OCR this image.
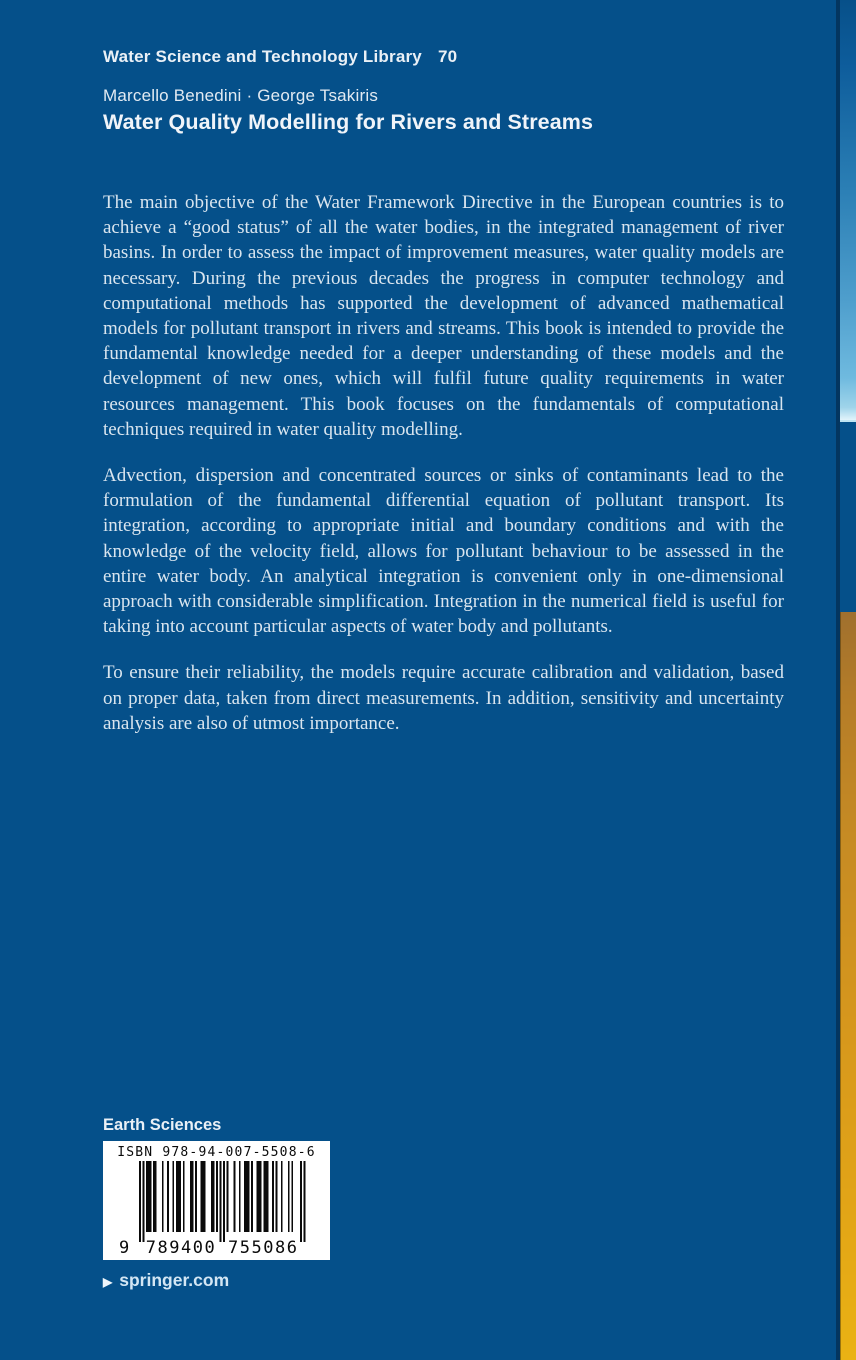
Water Science and Technology Library 70
Marcello Benedini · George Tsakiris
Water Quality Modelling for Rivers and Streams

The main objective of the Water Framework Directive in the European countries is to achieve a “good status” of all the water bodies, in the integrated management of river basins. In order to assess the impact of improvement measures, water quality models are necessary. During the previous decades the progress in computer technology and computational methods has supported the development of advanced mathematical models for pollutant transport in rivers and streams. This book is intended to provide the fundamental knowledge needed for a deeper understanding of these models and the development of new ones, which will fulfil future quality requirements in water resources management. This book focuses on the fundamentals of computational techniques required in water quality modelling.

Advection, dispersion and concentrated sources or sinks of contaminants lead to the formulation of the fundamental differential equation of pollutant transport. Its integration, according to appropriate initial and boundary conditions and with the knowledge of the velocity field, allows for pollutant behaviour to be assessed in the entire water body. An analytical integration is convenient only in one-dimensional approach with considerable simplification. Integration in the numerical field is useful for taking into account particular aspects of water body and pollutants.

To ensure their reliability, the models require accurate calibration and validation, based on proper data, taken from direct measurements. In addition, sensitivity and uncertainty analysis are also of utmost importance.

Earth Sciences
ISBN 978-94-007-5508-6
9 789400 755086
▶ springer.com
